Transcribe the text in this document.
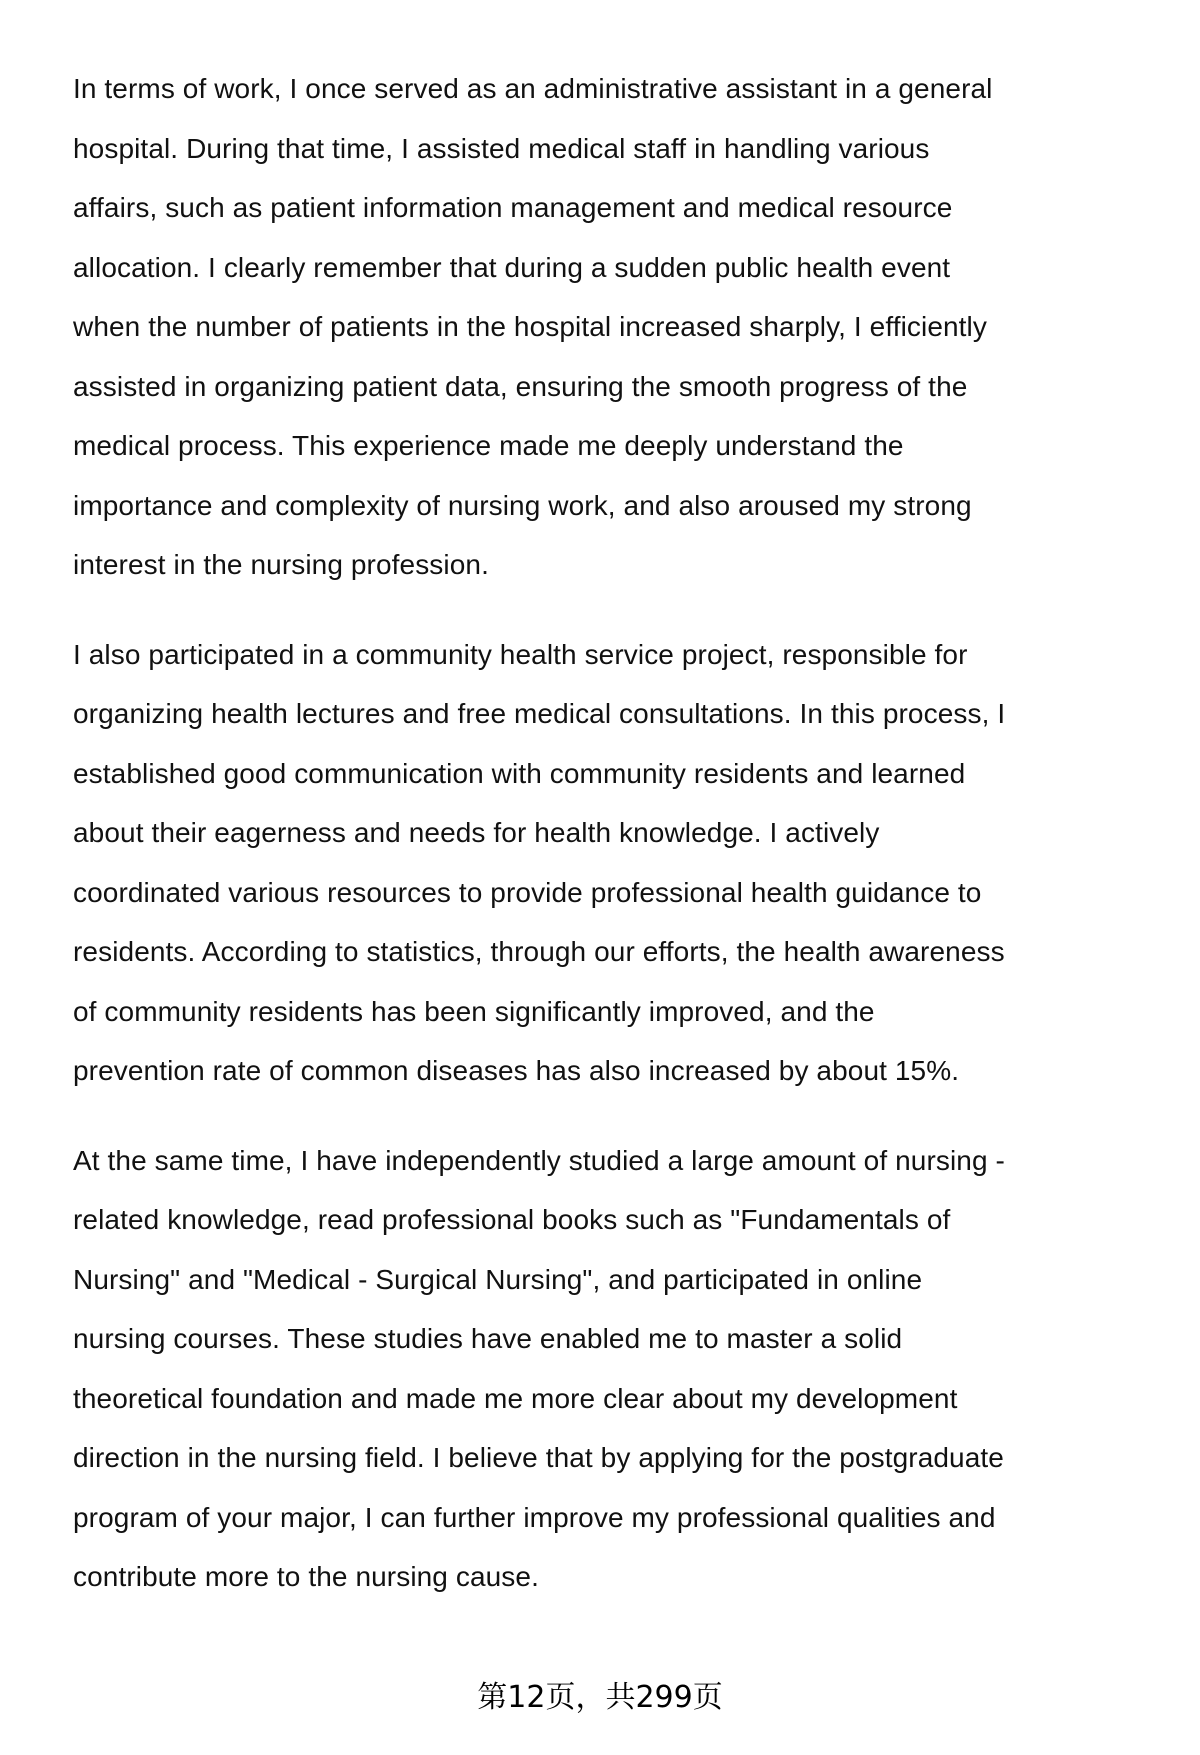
In terms of work, I once served as an administrative assistant in a general
hospital. During that time, I assisted medical staff in handling various
affairs, such as patient information management and medical resource
allocation. I clearly remember that during a sudden public health event
when the number of patients in the hospital increased sharply, I efficiently
assisted in organizing patient data, ensuring the smooth progress of the
medical process. This experience made me deeply understand the
importance and complexity of nursing work, and also aroused my strong
interest in the nursing profession.
I also participated in a community health service project, responsible for
organizing health lectures and free medical consultations. In this process, I
established good communication with community residents and learned
about their eagerness and needs for health knowledge. I actively
coordinated various resources to provide professional health guidance to
residents. According to statistics, through our efforts, the health awareness
of community residents has been significantly improved, and the
prevention rate of common diseases has also increased by about 15%.
At the same time, I have independently studied a large amount of nursing -
related knowledge, read professional books such as "Fundamentals of
Nursing" and "Medical - Surgical Nursing", and participated in online
nursing courses. These studies have enabled me to master a solid
theoretical foundation and made me more clear about my development
direction in the nursing field. I believe that by applying for the postgraduate
program of your major, I can further improve my professional qualities and
contribute more to the nursing cause.
第12页，共299页
